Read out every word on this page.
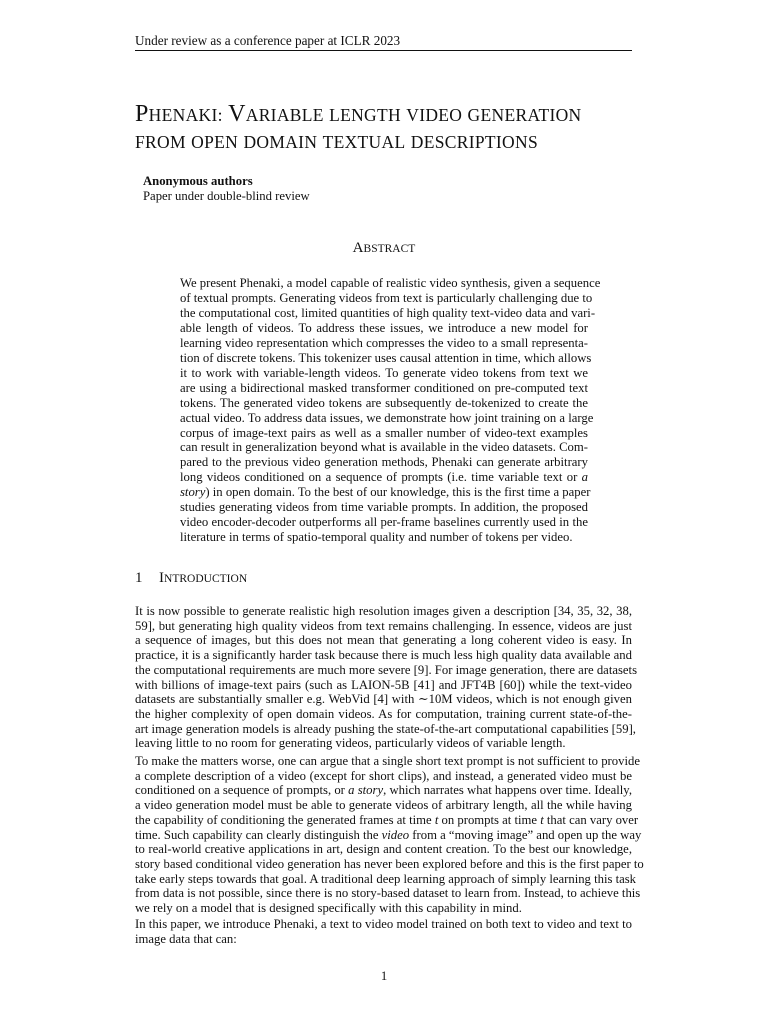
Under review as a conference paper at ICLR 2023
PHENAKI: VARIABLE LENGTH VIDEO GENERATION
FROM OPEN DOMAIN TEXTUAL DESCRIPTIONS
Anonymous authors
Paper under double-blind review
ABSTRACT
We present Phenaki, a model capable of realistic video synthesis, given a sequence
of textual prompts. Generating videos from text is particularly challenging due to
the computational cost, limited quantities of high quality text-video data and vari-
able length of videos. To address these issues, we introduce a new model for
learning video representation which compresses the video to a small representa-
tion of discrete tokens. This tokenizer uses causal attention in time, which allows
it to work with variable-length videos. To generate video tokens from text we
are using a bidirectional masked transformer conditioned on pre-computed text
tokens. The generated video tokens are subsequently de-tokenized to create the
actual video. To address data issues, we demonstrate how joint training on a large
corpus of image-text pairs as well as a smaller number of video-text examples
can result in generalization beyond what is available in the video datasets. Com-
pared to the previous video generation methods, Phenaki can generate arbitrary
long videos conditioned on a sequence of prompts (i.e. time variable text or a
story) in open domain. To the best of our knowledge, this is the first time a paper
studies generating videos from time variable prompts. In addition, the proposed
video encoder-decoder outperforms all per-frame baselines currently used in the
literature in terms of spatio-temporal quality and number of tokens per video.
1 INTRODUCTION
It is now possible to generate realistic high resolution images given a description [34, 35, 32, 38,
59], but generating high quality videos from text remains challenging. In essence, videos are just
a sequence of images, but this does not mean that generating a long coherent video is easy. In
practice, it is a significantly harder task because there is much less high quality data available and
the computational requirements are much more severe [9]. For image generation, there are datasets
with billions of image-text pairs (such as LAION-5B [41] and JFT4B [60]) while the text-video
datasets are substantially smaller e.g. WebVid [4] with ∼10M videos, which is not enough given
the higher complexity of open domain videos. As for computation, training current state-of-the-
art image generation models is already pushing the state-of-the-art computational capabilities [59],
leaving little to no room for generating videos, particularly videos of variable length.
To make the matters worse, one can argue that a single short text prompt is not sufficient to provide
a complete description of a video (except for short clips), and instead, a generated video must be
conditioned on a sequence of prompts, or a story, which narrates what happens over time. Ideally,
a video generation model must be able to generate videos of arbitrary length, all the while having
the capability of conditioning the generated frames at time t on prompts at time t that can vary over
time. Such capability can clearly distinguish the video from a “moving image” and open up the way
to real-world creative applications in art, design and content creation. To the best our knowledge,
story based conditional video generation has never been explored before and this is the first paper to
take early steps towards that goal. A traditional deep learning approach of simply learning this task
from data is not possible, since there is no story-based dataset to learn from. Instead, to achieve this
we rely on a model that is designed specifically with this capability in mind.
In this paper, we introduce Phenaki, a text to video model trained on both text to video and text to
image data that can:
1
